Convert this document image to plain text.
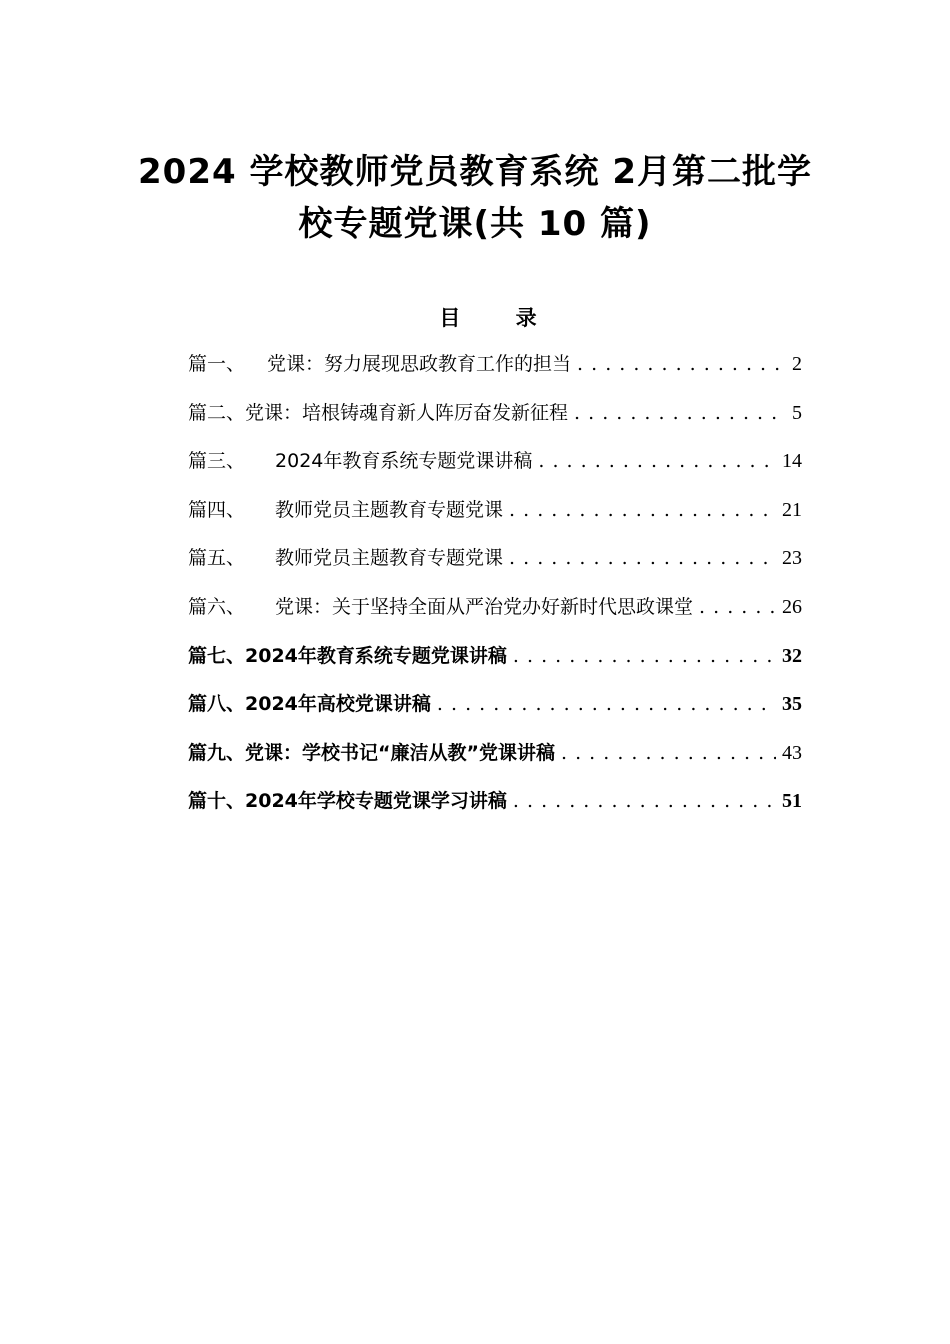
2024 学校教师党员教育系统 2月第二批学
校专题党课(共 10 篇)
目 录
篇一、 党课：努力展现思政教育工作的担当 . . .	2
篇二、党课：培根铸魂育新人阵厉奋发新征程 . . .	5
篇三、 2024年教育系统专题党课讲稿 . . .	14
篇四、 教师党员主题教育专题党课 . . .	21
篇五、 教师党员主题教育专题党课 . . .	23
篇六、 党课：关于坚持全面从严治党办好新时代思政课堂 . . .	26
篇七、2024年教育系统专题党课讲稿 . . .	32
篇八、2024年高校党课讲稿 . . .	35
篇九、党课：学校书记“廉洁从教”党课讲稿 . . .	43
篇十、2024年学校专题党课学习讲稿 . . .	51
